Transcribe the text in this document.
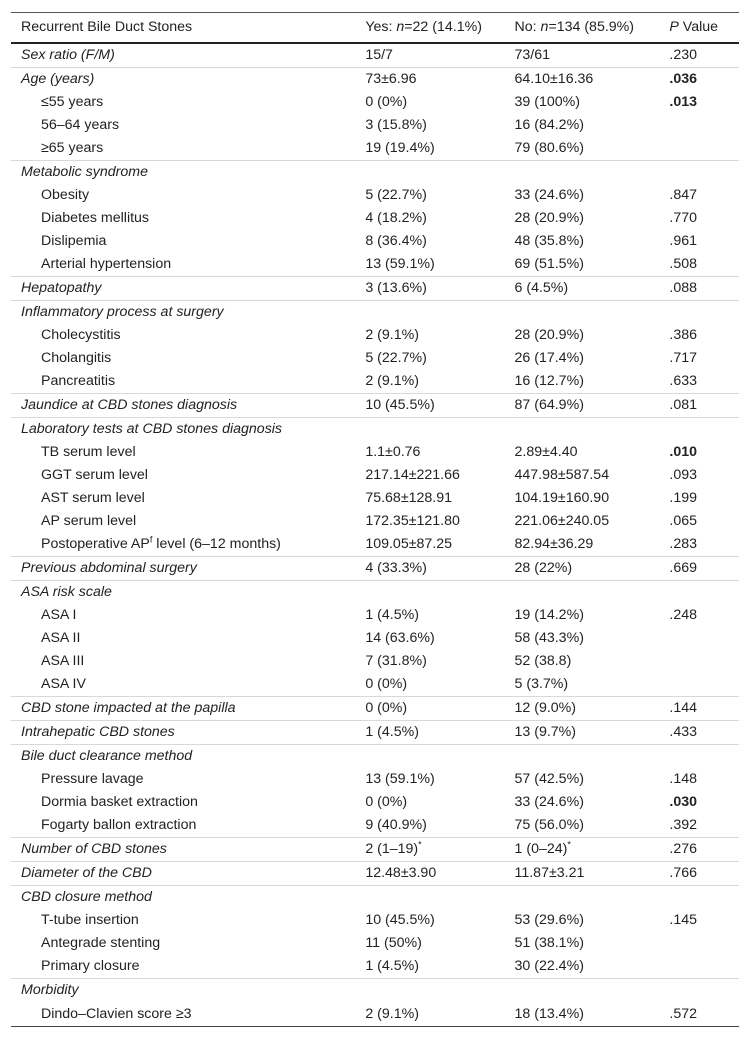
Recurrent Bile Duct Stones	Yes: n=22 (14.1%)	No: n=134 (85.9%)	P Value
Sex ratio (F/M)	15/7	73/61	.230
Age (years)	73±6.96	64.10±16.36	.036
≤55 years	0 (0%)	39 (100%)	.013
56–64 years	3 (15.8%)	16 (84.2%)	
≥65 years	19 (19.4%)	79 (80.6%)	
Metabolic syndrome			
Obesity	5 (22.7%)	33 (24.6%)	.847
Diabetes mellitus	4 (18.2%)	28 (20.9%)	.770
Dislipemia	8 (36.4%)	48 (35.8%)	.961
Arterial hypertension	13 (59.1%)	69 (51.5%)	.508
Hepatopathy	3 (13.6%)	6 (4.5%)	.088
Inflammatory process at surgery			
Cholecystitis	2 (9.1%)	28 (20.9%)	.386
Cholangitis	5 (22.7%)	26 (17.4%)	.717
Pancreatitis	2 (9.1%)	16 (12.7%)	.633
Jaundice at CBD stones diagnosis	10 (45.5%)	87 (64.9%)	.081
Laboratory tests at CBD stones diagnosis			
TB serum level	1.1±0.76	2.89±4.40	.010
GGT serum level	217.14±221.66	447.98±587.54	.093
AST serum level	75.68±128.91	104.19±160.90	.199
AP serum level	172.35±121.80	221.06±240.05	.065
Postoperative $AP^f$ level (6–12 months)	109.05±87.25	82.94±36.29	.283
Previous abdominal surgery	4 (33.3%)	28 (22%)	.669
ASA risk scale			
ASA I	1 (4.5%)	19 (14.2%)	.248
ASA II	14 (63.6%)	58 (43.3%)	
ASA III	7 (31.8%)	52 (38.8)	
ASA IV	0 (0%)	5 (3.7%)	
CBD stone impacted at the papilla	0 (0%)	12 (9.0%)	.144
Intrahepatic CBD stones	1 (4.5%)	13 (9.7%)	.433
Bile duct clearance method			
Pressure lavage	13 (59.1%)	57 (42.5%)	.148
Dormia basket extraction	0 (0%)	33 (24.6%)	.030
Fogarty ballon extraction	9 (40.9%)	75 (56.0%)	.392
Number of CBD stones	2 (1–19)*	1 (0–24)*	.276
Diameter of the CBD	12.48±3.90	11.87±3.21	.766
CBD closure method			
T-tube insertion	10 (45.5%)	53 (29.6%)	.145
Antegrade stenting	11 (50%)	51 (38.1%)	
Primary closure	1 (4.5%)	30 (22.4%)	
Morbidity			
Dindo–Clavien score ≥3	2 (9.1%)	18 (13.4%)	.572
